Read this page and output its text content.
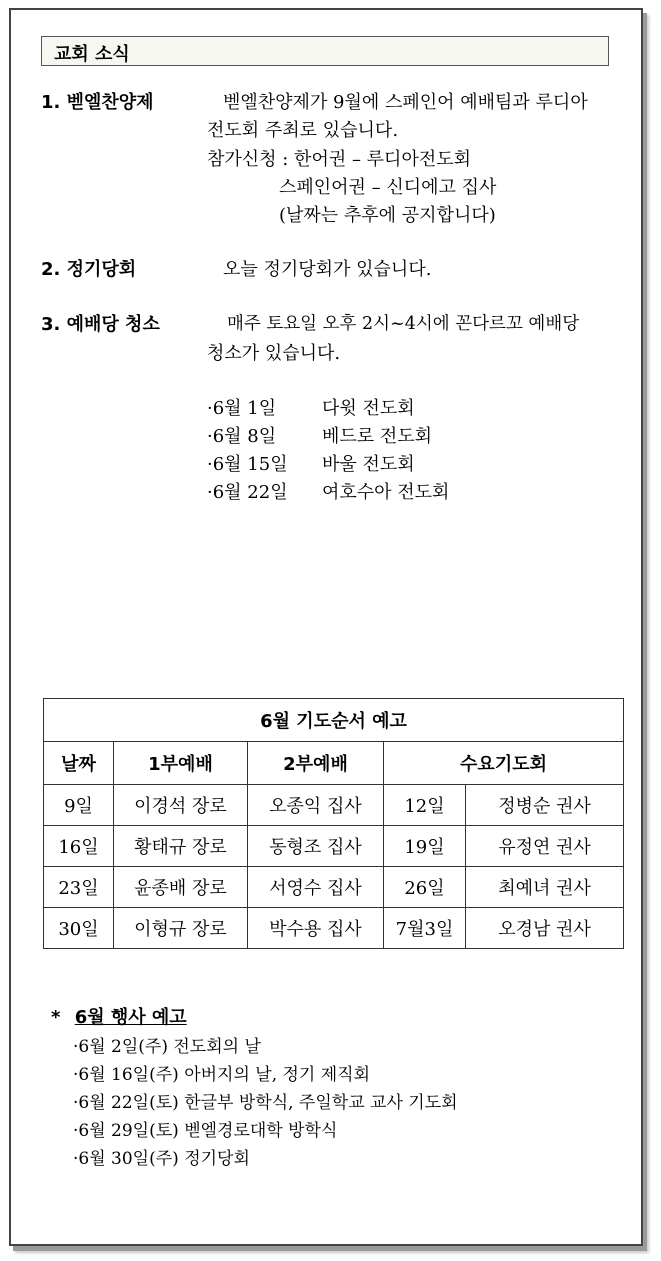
교회 소식
1. 벧엘찬양제	벧엘찬양제가 9월에 스페인어 예배팀과 루디아
전도회 주최로 있습니다.
참가신청 : 한어권 – 루디아전도회
스페인어권 – 신디에고 집사
(날짜는 추후에 공지합니다)
2. 정기당회	오늘 정기당회가 있습니다.
3. 예배당 청소	매주 토요일 오후 2시~4시에 꼰다르꼬 예배당
청소가 있습니다.
·6월 1일	다윗 전도회
·6월 8일	베드로 전도회
·6월 15일 바울 전도회
·6월 22일 여호수아 전도회
6월 기도순서 예고				
날짜	1부예배	2부예배	수요기도회	
9일	이경석 장로	오종익 집사	12일	정병순 권사
16일	황태규 장로	동형조 집사	19일	유정연 권사
23일	윤종배 장로	서영수 집사	26일	최예녀 권사
30일	이형규 장로	박수용 집사	7월3일	오경남 권사
* 6월 행사 예고
·6월 2일(주) 전도회의 날
·6월 16일(주) 아버지의 날, 정기 제직회
·6월 22일(토) 한글부 방학식, 주일학교 교사 기도회
·6월 29일(토) 벧엘경로대학 방학식
·6월 30일(주) 정기당회
